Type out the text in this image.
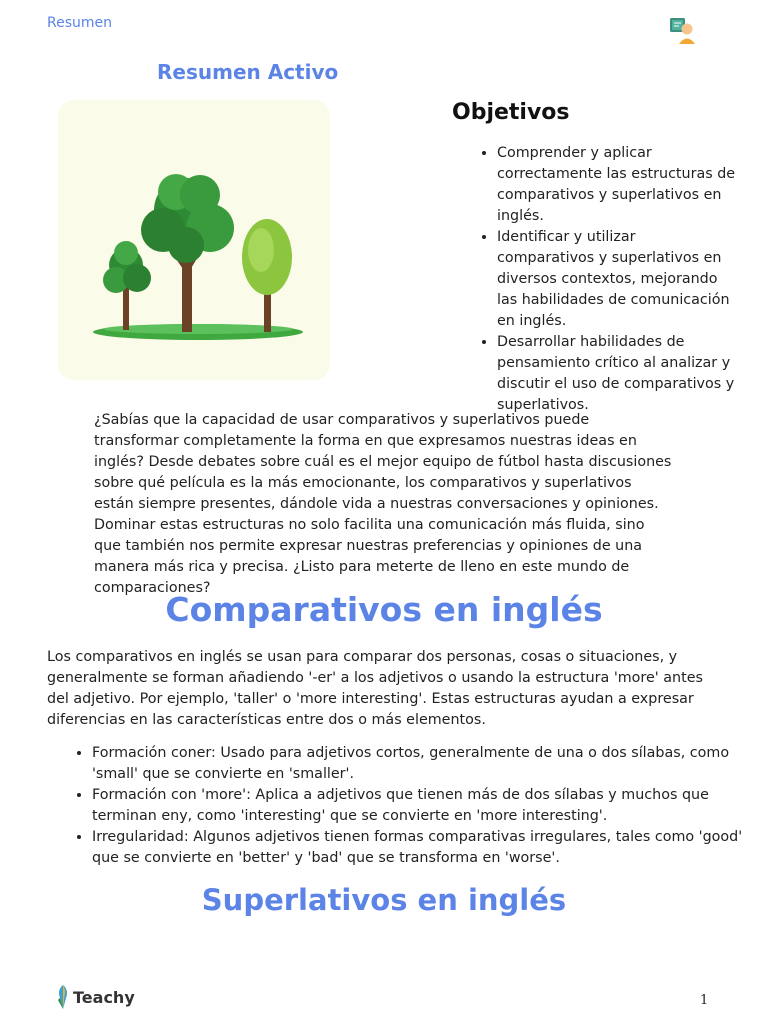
Resumen
Resumen Activo
Objetivos
• Comprender y aplicar correctamente las estructuras de comparativos y superlativos en inglés.
• Identificar y utilizar comparativos y superlativos en diversos contextos, mejorando las habilidades de comunicación en inglés.
• Desarrollar habilidades de pensamiento crítico al analizar y discutir el uso de comparativos y superlativos.

¿Sabías que la capacidad de usar comparativos y superlativos puede transformar completamente la forma en que expresamos nuestras ideas en inglés? Desde debates sobre cuál es el mejor equipo de fútbol hasta discusiones sobre qué película es la más emocionante, los comparativos y superlativos están siempre presentes, dándole vida a nuestras conversaciones y opiniones. Dominar estas estructuras no solo facilita una comunicación más fluida, sino que también nos permite expresar nuestras preferencias y opiniones de una manera más rica y precisa. ¿Listo para meterte de lleno en este mundo de comparaciones?

Comparativos en inglés

Los comparativos en inglés se usan para comparar dos personas, cosas o situaciones, y generalmente se forman añadiendo '-er' a los adjetivos o usando la estructura 'more' antes del adjetivo. Por ejemplo, 'taller' o 'more interesting'. Estas estructuras ayudan a expresar diferencias en las características entre dos o más elementos.

• Formación coner: Usado para adjetivos cortos, generalmente de una o dos sílabas, como 'small' que se convierte en 'smaller'.
• Formación con 'more': Aplica a adjetivos que tienen más de dos sílabas y muchos que terminan eny, como 'interesting' que se convierte en 'more interesting'.
• Irregularidad: Algunos adjetivos tienen formas comparativas irregulares, tales como 'good' que se convierte en 'better' y 'bad' que se transforma en 'worse'.
Superlativos en inglés
Teachy	1
